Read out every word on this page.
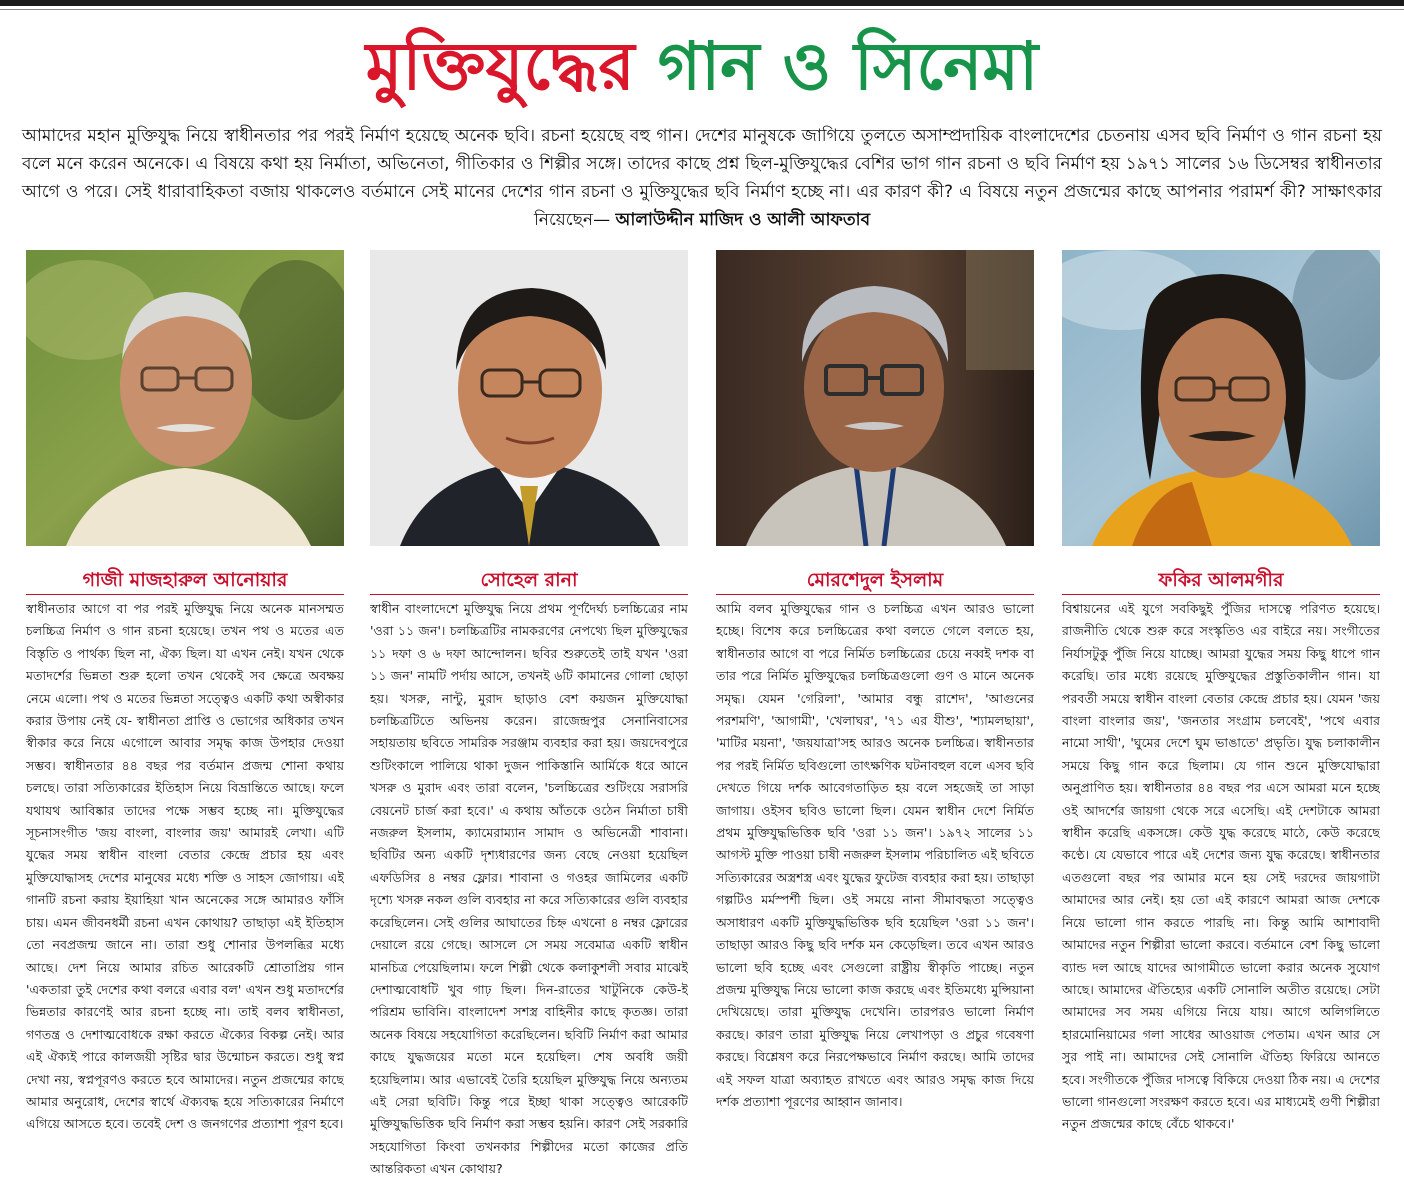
মুক্তিযুদ্ধের গান ও সিনেমা
আমাদের মহান মুক্তিযুদ্ধ নিয়ে স্বাধীনতার পর পরই নির্মাণ হয়েছে অনেক ছবি। রচনা হয়েছে বহু গান। দেশের মানুষকে জাগিয়ে তুলতে অসাম্প্রদায়িক বাংলাদেশের চেতনায় এসব ছবি নির্মাণ ও গান রচনা হয় বলে মনে করেন অনেকে। এ বিষয়ে কথা হয় নির্মাতা, অভিনেতা, গীতিকার ও শিল্পীর সঙ্গে। তাদের কাছে প্রশ্ন ছিল-মুক্তিযুদ্ধের বেশির ভাগ গান রচনা ও ছবি নির্মাণ হয় ১৯৭১ সালের ১৬ ডিসেম্বর স্বাধীনতার আগে ও পরে। সেই ধারাবাহিকতা বজায় থাকলেও বর্তমানে সেই মানের দেশের গান রচনা ও মুক্তিযুদ্ধের ছবি নির্মাণ হচ্ছে না। এর কারণ কী? এ বিষয়ে নতুন প্রজন্মের কাছে আপনার পরামর্শ কী? সাক্ষাৎকার নিয়েছেন— আলাউদ্দীন মাজিদ ও আলী আফতাব
গাজী মাজহারুল আনোয়ার

স্বাধীনতার আগে বা পর পরই মুক্তিযুদ্ধ নিয়ে অনেক মানসম্মত চলচ্চিত্র নির্মাণ ও গান রচনা হয়েছে। তখন পথ ও মতের এত বিস্তৃতি ও পার্থক্য ছিল না, ঐক্য ছিল। যা এখন নেই। যখন থেকে মতাদর্শের ভিন্নতা শুরু হলো তখন থেকেই সব ক্ষেত্রে অবক্ষয় নেমে এলো। পথ ও মতের ভিন্নতা সত্ত্বেও একটি কথা অস্বীকার করার উপায় নেই যে- স্বাধীনতা প্রাপ্তি ও ভোগের অধিকার তখন স্বীকার করে নিয়ে এগোলে আবার সমৃদ্ধ কাজ উপহার দেওয়া সম্ভব। স্বাধীনতার ৪৪ বছর পর বর্তমান প্রজন্ম শোনা কথায় চলছে। তারা সত্যিকারের ইতিহাস নিয়ে বিভ্রান্তিতে আছে। ফলে যথাযথ আবিষ্কার তাদের পক্ষে সম্ভব হচ্ছে না। মুক্তিযুদ্ধের সূচনাসংগীত 'জয় বাংলা, বাংলার জয়' আমারই লেখা। এটি যুদ্ধের সময় স্বাধীন বাংলা বেতার কেন্দ্রে প্রচার হয় এবং মুক্তিযোদ্ধাসহ দেশের মানুষের মধ্যে শক্তি ও সাহস জোগায়। এই গানটি রচনা করায় ইয়াহিয়া খান অনেকের সঙ্গে আমারও ফাঁসি চায়। এমন জীবনধর্মী রচনা এখন কোথায়? তাছাড়া এই ইতিহাস তো নবপ্রজন্ম জানে না। তারা শুধু শোনার উপলব্ধির মধ্যে আছে। দেশ নিয়ে আমার রচিত আরেকটি শ্রোতাপ্রিয় গান 'একতারা তুই দেশের কথা বলরে এবার বল' এখন শুধু মতাদর্শের ভিন্নতার কারণেই আর রচনা হচ্ছে না। তাই বলব স্বাধীনতা, গণতন্ত্র ও দেশাত্মবোধকে রক্ষা করতে ঐক্যের বিকল্প নেই। আর এই ঐক্যই পারে কালজয়ী সৃষ্টির দ্বার উন্মোচন করতে। শুধু স্বপ্ন দেখা নয়, স্বপ্নপূরণও করতে হবে আমাদের। নতুন প্রজন্মের কাছে আমার অনুরোধ, দেশের স্বার্থে ঐক্যবদ্ধ হয়ে সত্যিকারের নির্মাণে এগিয়ে আসতে হবে। তবেই দেশ ও জনগণের প্রত্যাশা পূরণ হবে।

সোহেল রানা

স্বাধীন বাংলাদেশে মুক্তিযুদ্ধ নিয়ে প্রথম পূর্ণদৈর্ঘ্য চলচ্চিত্রের নাম 'ওরা ১১ জন'। চলচ্চিত্রটির নামকরণের নেপথ্যে ছিল মুক্তিযুদ্ধের ১১ দফা ও ৬ দফা আন্দোলন। ছবির শুরুতেই তাই যখন 'ওরা ১১ জন' নামটি পর্দায় আসে, তখনই ৬টি কামানের গোলা ছোড়া হয়। খসরু, নান্টু, মুরাদ ছাড়াও বেশ কয়জন মুক্তিযোদ্ধা চলচ্চিত্রটিতে অভিনয় করেন। রাজেন্দ্রপুর সেনানিবাসের সহায়তায় ছবিতে সামরিক সরঞ্জাম ব্যবহার করা হয়। জয়দেবপুরে শুটিংকালে পালিয়ে থাকা দুজন পাকিস্তানি আর্মিকে ধরে আনে খসরু ও মুরাদ এবং তারা বলেন, 'চলচ্চিত্রের শুটিংয়ে সরাসরি বেয়নেট চার্জ করা হবে।' এ কথায় আঁতকে ওঠেন নির্মাতা চাষী নজরুল ইসলাম, ক্যামেরাম্যান সামাদ ও অভিনেত্রী শাবানা। ছবিটির অন্য একটি দৃশ্যধারণের জন্য বেছে নেওয়া হয়েছিল এফডিসির ৪ নম্বর ফ্লোর। শাবানা ও গওহর জামিলের একটি দৃশ্যে খসরু নকল গুলি ব্যবহার না করে সত্যিকারের গুলি ব্যবহার করেছিলেন। সেই গুলির আঘাতের চিহ্ন এখনো ৪ নম্বর ফ্লোরের দেয়ালে রয়ে গেছে। আসলে সে সময় সবেমাত্র একটি স্বাধীন মানচিত্র পেয়েছিলাম। ফলে শিল্পী থেকে কলাকুশলী সবার মাঝেই দেশাত্মবোধটি খুব গাঢ় ছিল। দিন-রাতের খাটুনিকে কেউ-ই পরিশ্রম ভাবিনি। বাংলাদেশ সশস্ত্র বাহিনীর কাছে কৃতজ্ঞ। তারা অনেক বিষয়ে সহযোগিতা করেছিলেন। ছবিটি নির্মাণ করা আমার কাছে যুদ্ধজয়ের মতো মনে হয়েছিল। শেষ অবধি জয়ী হয়েছিলাম। আর এভাবেই তৈরি হয়েছিল মুক্তিযুদ্ধ নিয়ে অন্যতম এই সেরা ছবিটি। কিন্তু পরে ইচ্ছা থাকা সত্ত্বেও আরেকটি মুক্তিযুদ্ধভিত্তিক ছবি নির্মাণ করা সম্ভব হয়নি। কারণ সেই সরকারি সহযোগিতা কিংবা তখনকার শিল্পীদের মতো কাজের প্রতি আন্তরিকতা এখন কোথায়?

মোরশেদুল ইসলাম

আমি বলব মুক্তিযুদ্ধের গান ও চলচ্চিত্র এখন আরও ভালো হচ্ছে। বিশেষ করে চলচ্চিত্রের কথা বলতে গেলে বলতে হয়, স্বাধীনতার আগে বা পরে নির্মিত চলচ্চিত্রের চেয়ে নব্বই দশক বা তার পরে নির্মিত মুক্তিযুদ্ধের চলচ্চিত্রগুলো গুণ ও মানে অনেক সমৃদ্ধ। যেমন 'গেরিলা', 'আমার বন্ধু রাশেদ', 'আগুনের পরশমণি', 'আগামী', 'খেলাঘর', '৭১ এর যীশু', 'শ্যামলছায়া', 'মাটির ময়না', 'জয়যাত্রা'সহ আরও অনেক চলচ্চিত্র। স্বাধীনতার পর পরই নির্মিত ছবিগুলো তাৎক্ষণিক ঘটনাবহুল বলে এসব ছবি দেখতে গিয়ে দর্শক আবেগতাড়িত হয় বলে সহজেই তা সাড়া জাগায়। ওইসব ছবিও ভালো ছিল। যেমন স্বাধীন দেশে নির্মিত প্রথম মুক্তিযুদ্ধভিত্তিক ছবি 'ওরা ১১ জন'। ১৯৭২ সালের ১১ আগস্ট মুক্তি পাওয়া চাষী নজরুল ইসলাম পরিচালিত এই ছবিতে সত্যিকারের অস্ত্রশস্ত্র এবং যুদ্ধের ফুটেজ ব্যবহার করা হয়। তাছাড়া গল্পটিও মর্মস্পর্শী ছিল। ওই সময়ে নানা সীমাবদ্ধতা সত্ত্বেও অসাধারণ একটি মুক্তিযুদ্ধভিত্তিক ছবি হয়েছিল 'ওরা ১১ জন'। তাছাড়া আরও কিছু ছবি দর্শক মন কেড়েছিল। তবে এখন আরও ভালো ছবি হচ্ছে এবং সেগুলো রাষ্ট্রীয় স্বীকৃতি পাচ্ছে। নতুন প্রজন্ম মুক্তিযুদ্ধ নিয়ে ভালো কাজ করছে এবং ইতিমধ্যে মুন্সিয়ানা দেখিয়েছে। তারা মুক্তিযুদ্ধ দেখেনি। তারপরও ভালো নির্মাণ করছে। কারণ তারা মুক্তিযুদ্ধ নিয়ে লেখাপড়া ও প্রচুর গবেষণা করছে। বিশ্লেষণ করে নিরপেক্ষভাবে নির্মাণ করছে। আমি তাদের এই সফল যাত্রা অব্যাহত রাখতে এবং আরও সমৃদ্ধ কাজ দিয়ে দর্শক প্রত্যাশা পূরণের আহ্বান জানাব।

ফকির আলমগীর

বিশ্বায়নের এই যুগে সবকিছুই পুঁজির দাসত্বে পরিণত হয়েছে। রাজনীতি থেকে শুরু করে সংস্কৃতিও এর বাইরে নয়। সংগীতের নির্যাসটুকু পুঁজি নিয়ে যাচ্ছে। আমরা যুদ্ধের সময় কিছু ধাপে গান করেছি। তার মধ্যে রয়েছে মুক্তিযুদ্ধের প্রস্তুতিকালীন গান। যা পরবর্তী সময়ে স্বাধীন বাংলা বেতার কেন্দ্রে প্রচার হয়। যেমন 'জয় বাংলা বাংলার জয়', 'জনতার সংগ্রাম চলবেই', 'পথে এবার নামো সাথী', 'ঘুমের দেশে ঘুম ভাঙাতে' প্রভৃতি। যুদ্ধ চলাকালীন সময়ে কিছু গান করে ছিলাম। যে গান শুনে মুক্তিযোদ্ধারা অনুপ্রাণিত হয়। স্বাধীনতার ৪৪ বছর পর এসে আমরা মনে হচ্ছে ওই আদর্শের জায়গা থেকে সরে এসেছি। এই দেশটাকে আমরা স্বাধীন করেছি একসঙ্গে। কেউ যুদ্ধ করেছে মাঠে, কেউ করেছে কণ্ঠে। যে যেভাবে পারে এই দেশের জন্য যুদ্ধ করেছে। স্বাধীনতার এতগুলো বছর পর আমার মনে হয় সেই দরদের জায়গাটা আমাদের আর নেই। হয় তো এই কারণে আমরা আজ দেশকে নিয়ে ভালো গান করতে পারছি না। কিন্তু আমি আশাবাদী আমাদের নতুন শিল্পীরা ভালো করবে। বর্তমানে বেশ কিছু ভালো ব্যান্ড দল আছে যাদের আগামীতে ভালো করার অনেক সুযোগ আছে। আমাদের ঐতিহ্যের একটি সোনালি অতীত রয়েছে। সেটা আমাদের সব সময় এগিয়ে নিয়ে যায়। আগে অলিগলিতে হারমোনিয়ামের গলা সাধের আওয়াজ পেতাম। এখন আর সে সুর পাই না। আমাদের সেই সোনালি ঐতিহ্য ফিরিয়ে আনতে হবে। সংগীতকে পুঁজির দাসত্বে বিকিয়ে দেওয়া ঠিক নয়। এ দেশের ভালো গানগুলো সংরক্ষণ করতে হবে। এর মাধ্যমেই গুণী শিল্পীরা নতুন প্রজন্মের কাছে বেঁচে থাকবে।'
